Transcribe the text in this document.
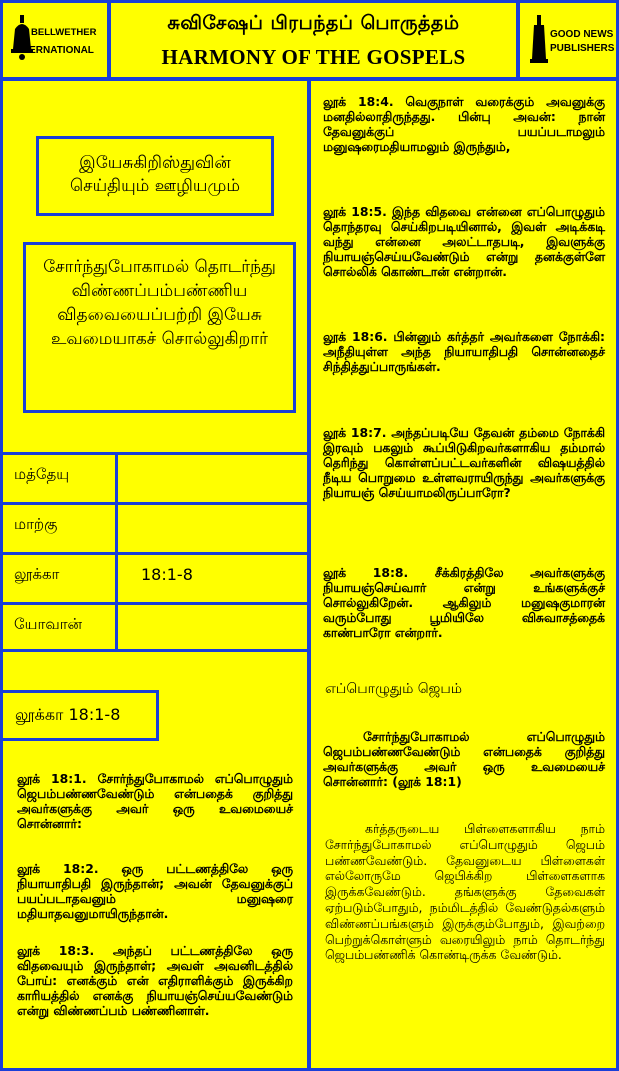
BELLWETHER
INTERNATIONAL
சுவிசேஷப் பிரபந்தப் பொருத்தம்
HARMONY OF THE GOSPELS
GOOD NEWS
PUBLISHERS
இயேசுகிறிஸ்துவின் செய்தியும் ஊழியமும்
சோர்ந்துபோகாமல் தொடர்ந்து விண்ணப்பம்பண்ணிய விதவையைப்பற்றி இயேசு உவமையாகச் சொல்லுகிறார்
மத்தேயு
மாற்கு
லூக்கா	18:1-8
யோவான்
லூக்கா 18:1-8
லூக் 18:1. சோர்ந்துபோகாமல் எப்பொழுதும் ஜெபம்பண்ணவேண்டும் என்பதைக் குறித்து அவர்களுக்கு அவர் ஒரு உவமையைச் சொன்னார்:
லூக் 18:2. ஒரு பட்டணத்திலே ஒரு நியாயாதிபதி இருந்தான்; அவன் தேவனுக்குப் பயப்படாதவனும் மனுஷரை மதியாதவனுமாயிருந்தான்.
லூக் 18:3. அந்தப் பட்டணத்திலே ஒரு விதவையும் இருந்தாள்; அவள் அவனிடத்தில் போய்: எனக்கும் என் எதிராளிக்கும் இருக்கிற காரியத்தில் எனக்கு நியாயஞ்செய்யவேண்டும் என்று விண்ணப்பம் பண்ணினாள்.
லூக் 18:4. வெகுநாள் வரைக்கும் அவனுக்கு மனதில்லாதிருந்தது. பின்பு அவன்: நான் தேவனுக்குப் பயப்படாமலும் மனுஷரைமதியாமலும் இருந்தும்,
லூக் 18:5. இந்த விதவை என்னை எப்பொழுதும் தொந்தரவு செய்கிறபடியினால், இவள் அடிக்கடி வந்து என்னை அலட்டாதபடி, இவளுக்கு நியாயஞ்செய்யவேண்டும் என்று தனக்குள்ளே சொல்லிக் கொண்டான் என்றான்.
லூக் 18:6. பின்னும் கர்த்தர் அவர்களை நோக்கி: அநீதியுள்ள அந்த நியாயாதிபதி சொன்னதைச் சிந்தித்துப்பாருங்கள்.
லூக் 18:7. அந்தப்படியே தேவன் தம்மை நோக்கி இரவும் பகலும் கூப்பிடுகிறவர்களாகிய தம்மால் தெரிந்து கொள்ளப்பட்டவர்களின் விஷயத்தில் நீடிய பொறுமை உள்ளவராயிருந்து அவர்களுக்கு நியாயஞ் செய்யாமலிருப்பாரோ?
லூக் 18:8. சீக்கிரத்திலே அவர்களுக்கு நியாயஞ்செய்வார் என்று உங்களுக்குச் சொல்லுகிறேன். ஆகிலும் மனுஷகுமாரன் வரும்போது பூமியிலே விசுவாசத்தைக் காண்பாரோ என்றார்.
எப்பொழுதும் ஜெபம்
சோர்ந்துபோகாமல் எப்பொழுதும் ஜெபம்பண்ணவேண்டும் என்பதைக் குறித்து அவர்களுக்கு அவர் ஒரு உவமையைச் சொன்னார்: (லூக் 18:1)
கர்த்தருடைய பிள்ளைகளாகிய நாம் சோர்ந்துபோகாமல் எப்பொழுதும் ஜெபம் பண்ணவேண்டும். தேவனுடைய பிள்ளைகள் எல்லோருமே ஜெபிக்கிற பிள்ளைகளாக இருக்கவேண்டும். தங்களுக்கு தேவைகள் ஏற்படும்போதும், நம்மிடத்தில் வேண்டுதல்களும் விண்ணப்பங்களும் இருக்கும்போதும், இவற்றை பெற்றுக்கொள்ளும் வரையிலும் நாம் தொடர்ந்து ஜெபம்பண்ணிக் கொண்டிருக்க வேண்டும்.
